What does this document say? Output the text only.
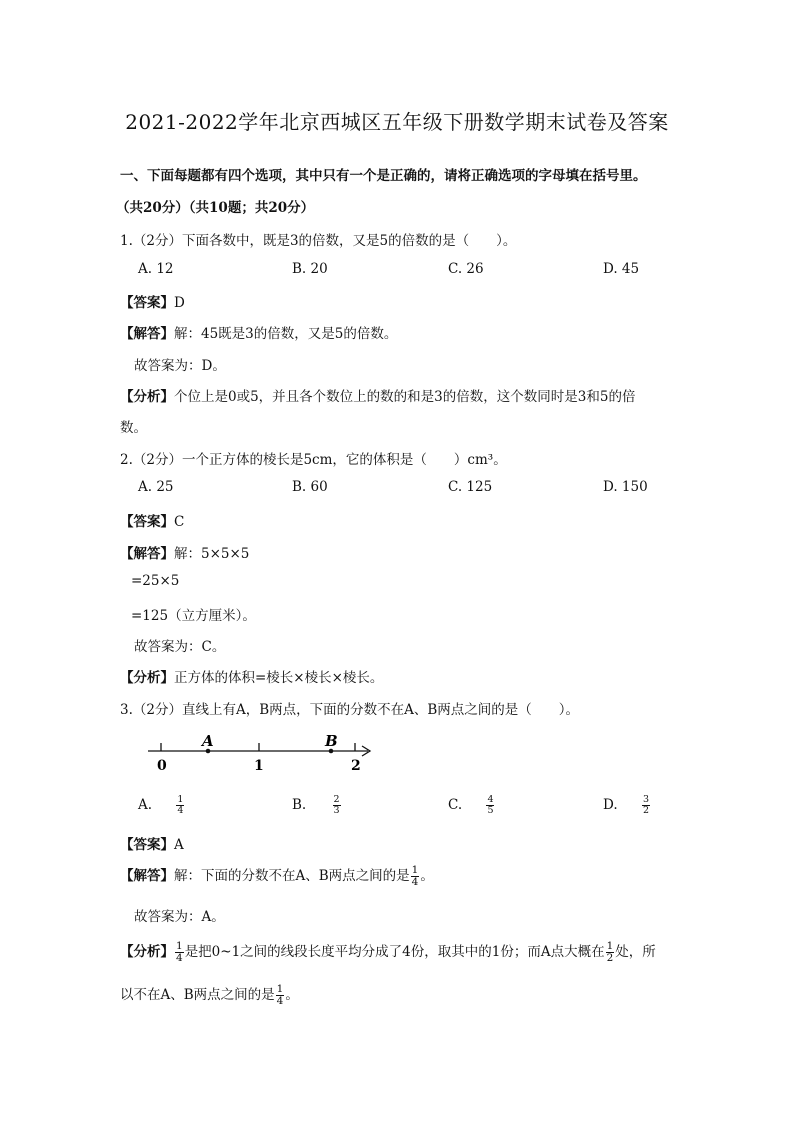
2021-2022学年北京西城区五年级下册数学期末试卷及答案
一、下面每题都有四个选项，其中只有一个是正确的，请将正确选项的字母填在括号里。
（共20分）（共10题；共20分）
1.（2分）下面各数中，既是3的倍数，又是5的倍数的是（　　）。
A. 12	B. 20	C. 26	D. 45
【答案】D
【解答】解：45既是3的倍数，又是5的倍数。
故答案为：D。
【分析】个位上是0或5，并且各个数位上的数的和是3的倍数，这个数同时是3和5的倍
数。
2.（2分）一个正方体的棱长是5cm，它的体积是（　　）cm³。
A. 25	B. 60	C. 125	D. 150
【答案】C
【解答】解：5×5×5
=25×5
=125（立方厘米）。
故答案为：C。
【分析】正方体的体积=棱长×棱长×棱长。
3.（2分）直线上有A，B两点，下面的分数不在A、B两点之间的是（　　）。
A	B
0	1	2
A.	$\frac{1}{4}$	B.	$\frac{2}{3}$	C.	$\frac{4}{5}$	D.	$\frac{3}{2}$
【答案】A
【解答】解：下面的分数不在A、B两点之间的是 $\frac{1}{4}$ 。
故答案为：A。
【分析】 $\frac{1}{4}$ 是把0~1之间的线段长度平均分成了4份，取其中的1份；而A点大概在 $\frac{1}{2}$ 处，所
以不在A、B两点之间的是 $\frac{1}{4}$ 。
